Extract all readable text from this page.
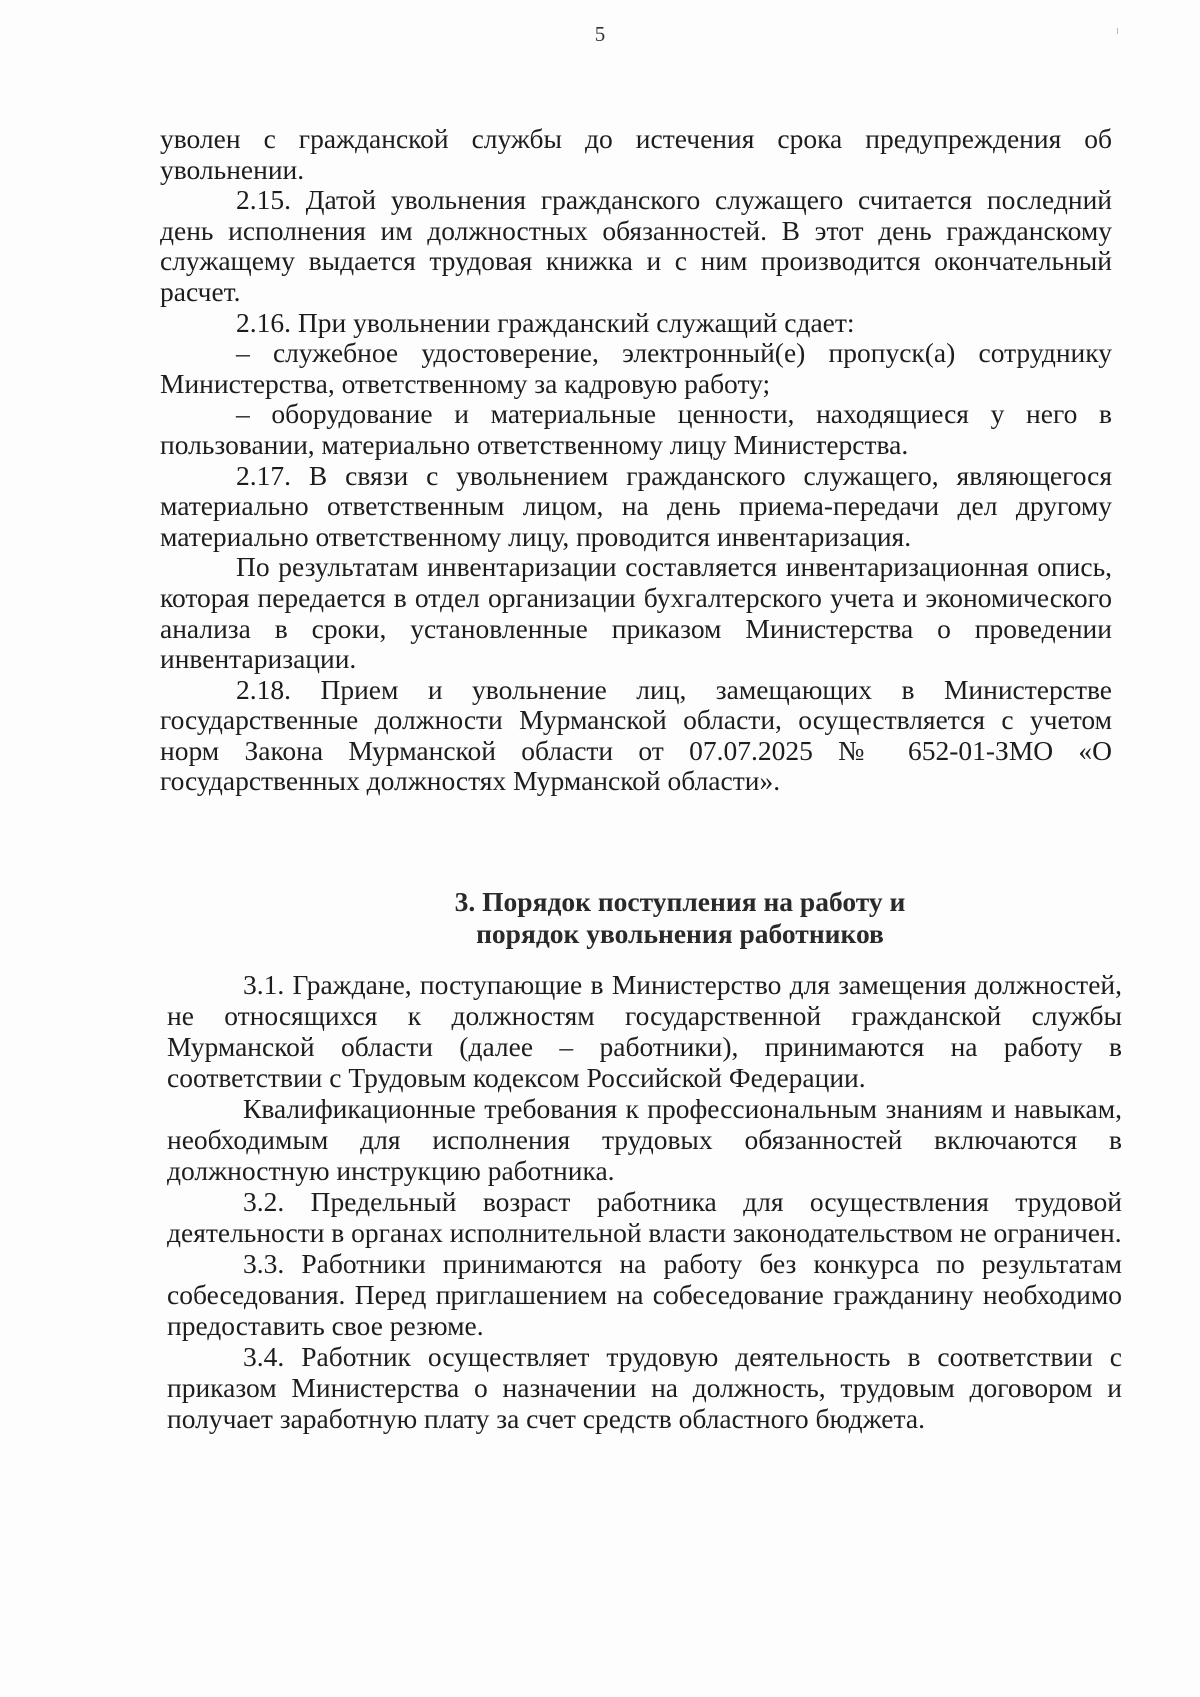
5

уволен с гражданской службы до истечения срока предупреждения об увольнении.

2.15. Датой увольнения гражданского служащего считается последний день исполнения им должностных обязанностей. В этот день гражданскому служащему выдается трудовая книжка и с ним производится окончательный расчет.

2.16. При увольнении гражданский служащий сдает:

– служебное удостоверение, электронный(е) пропуск(а) сотруднику Министерства, ответственному за кадровую работу;

– оборудование и материальные ценности, находящиеся у него в пользовании, материально ответственному лицу Министерства.

2.17. В связи с увольнением гражданского служащего, являющегося материально ответственным лицом, на день приема-передачи дел другому материально ответственному лицу, проводится инвентаризация.

По результатам инвентаризации составляется инвентаризационная опись, которая передается в отдел организации бухгалтерского учета и экономического анализа в сроки, установленные приказом Министерства о проведении инвентаризации.

2.18. Прием и увольнение лиц, замещающих в Министерстве государственные должности Мурманской области, осуществляется с учетом норм Закона Мурманской области от 07.07.2025 № 652-01-ЗМО «О государственных должностях Мурманской области».

3. Порядок поступления на работу и
порядок увольнения работников

3.1. Граждане, поступающие в Министерство для замещения должностей, не относящихся к должностям государственной гражданской службы Мурманской области (далее – работники), принимаются на работу в соответствии с Трудовым кодексом Российской Федерации.

Квалификационные требования к профессиональным знаниям и навыкам, необходимым для исполнения трудовых обязанностей включаются в должностную инструкцию работника.

3.2. Предельный возраст работника для осуществления трудовой деятельности в органах исполнительной власти законодательством не ограничен.

3.3. Работники принимаются на работу без конкурса по результатам собеседования. Перед приглашением на собеседование гражданину необходимо предоставить свое резюме.

3.4. Работник осуществляет трудовую деятельность в соответствии с приказом Министерства о назначении на должность, трудовым договором и получает заработную плату за счет средств областного бюджета.
